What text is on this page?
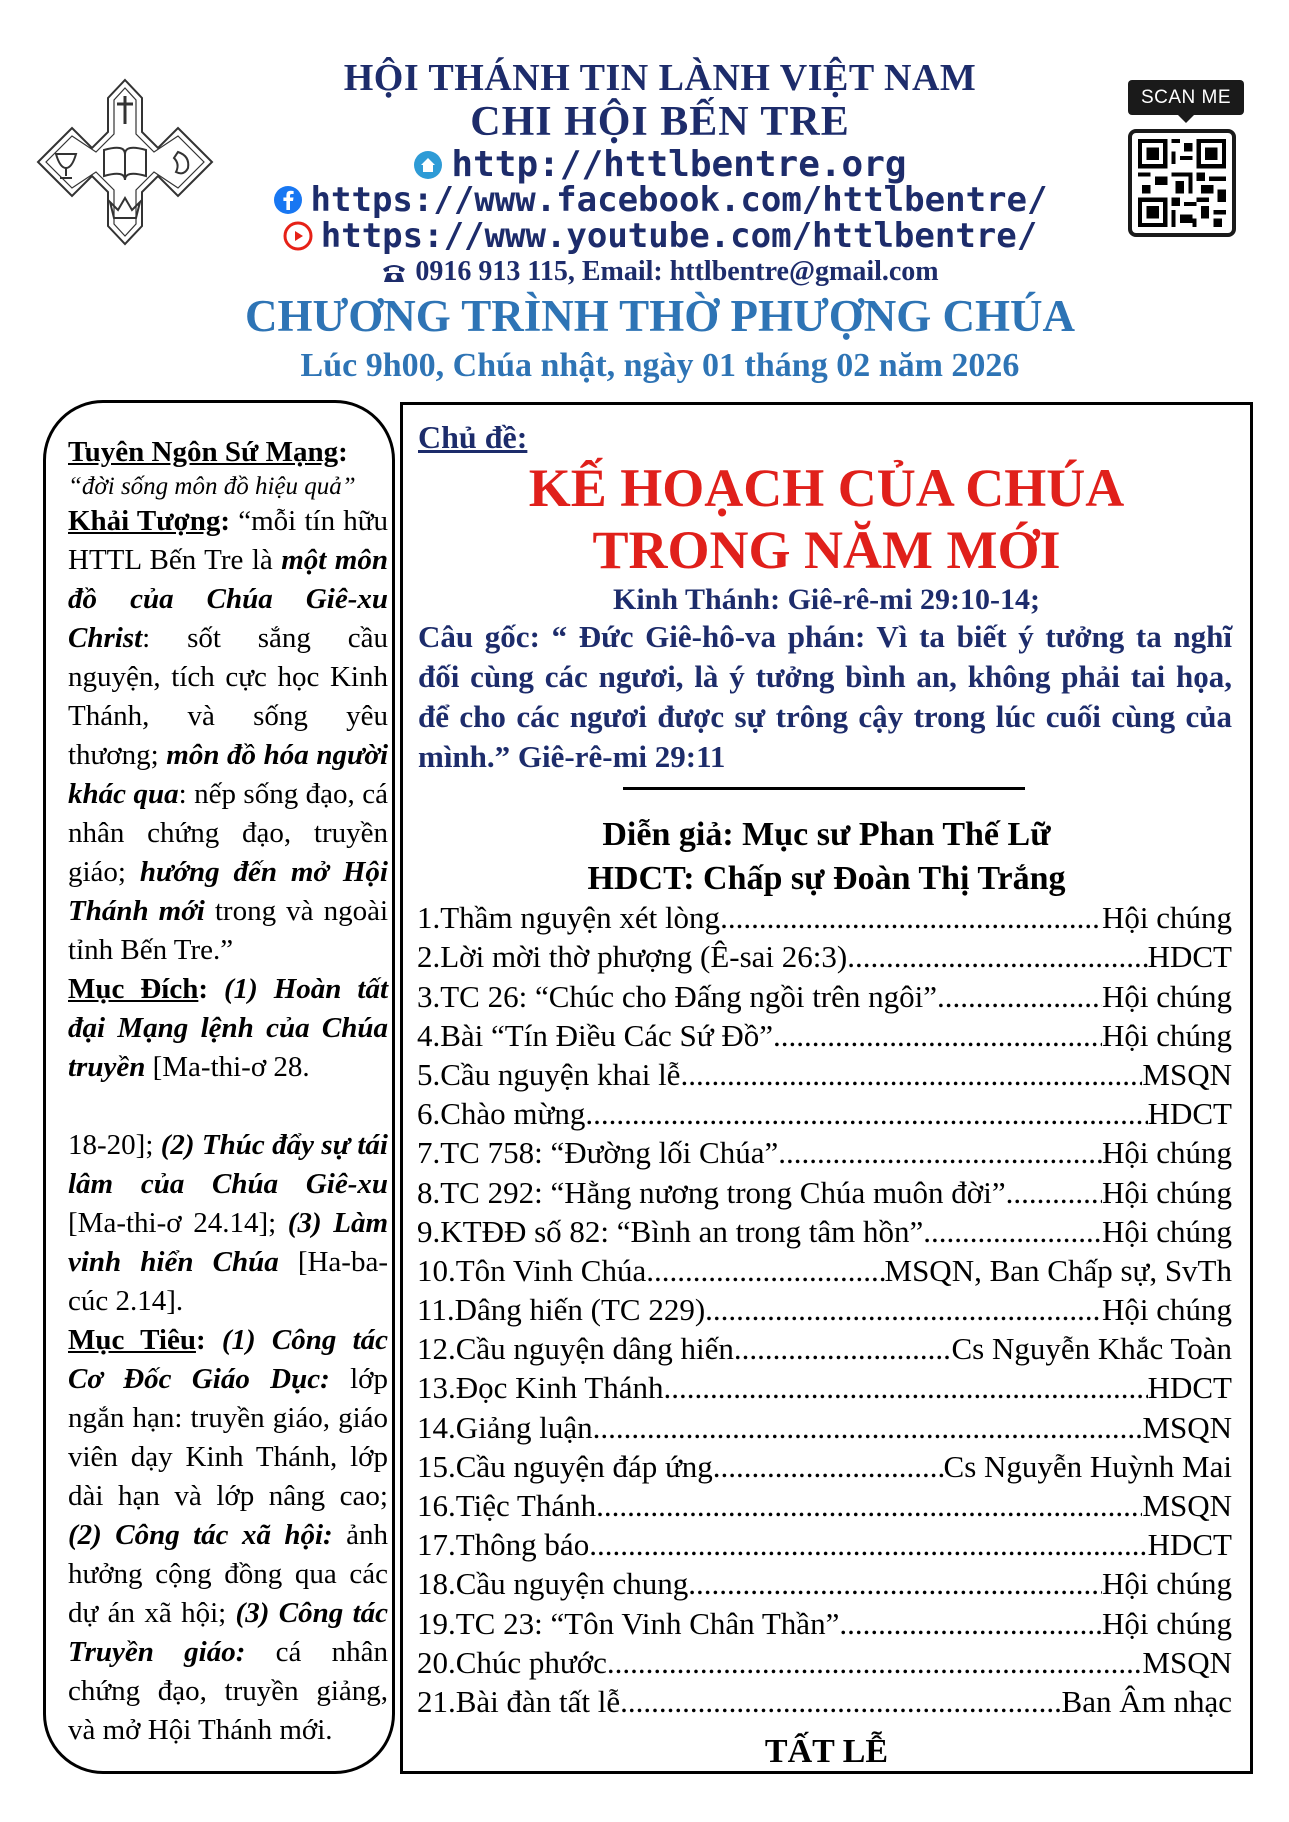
HỘI THÁNH TIN LÀNH VIỆT NAM
CHI HỘI BẾN TRE
http://httlbentre.org
https://www.facebook.com/httlbentre/
https://www.youtube.com/httlbentre/
0916 913 115, Email: httlbentre@gmail.com
CHƯƠNG TRÌNH THỜ PHƯỢNG CHÚA
Lúc 9h00, Chúa nhật, ngày 01 tháng 02 năm 2026
SCAN ME

Tuyên Ngôn Sứ Mạng:

“đời sống môn đồ hiệu quả”

Khải Tượng: “mỗi tín hữu HTTL Bến Tre là một môn đồ của Chúa Giê-xu Christ: sốt sắng cầu nguyện, tích cực học Kinh Thánh, và sống yêu thương; môn đồ hóa người khác qua: nếp sống đạo, cá nhân chứng đạo, truyền giáo; hướng đến mở Hội Thánh mới trong và ngoài tỉnh Bến Tre.”

Mục Đích: (1) Hoàn tất đại Mạng lệnh của Chúa truyền [Ma-thi-ơ 28.

18-20]; (2) Thúc đẩy sự tái lâm của Chúa Giê-xu [Ma-thi-ơ 24.14]; (3) Làm vinh hiển Chúa [Ha-ba-cúc 2.14].

Mục Tiêu: (1) Công tác Cơ Đốc Giáo Dục: lớp ngắn hạn: truyền giáo, giáo viên dạy Kinh Thánh, lớp dài hạn và lớp nâng cao; (2) Công tác xã hội: ảnh hưởng cộng đồng qua các dự án xã hội; (3) Công tác Truyền giáo: cá nhân chứng đạo, truyền giảng, và mở Hội Thánh mới.

Chủ đề:
KẾ HOẠCH CỦA CHÚA
TRONG NĂM MỚI
Kinh Thánh: Giê-rê-mi 29:10-14;
Câu gốc: “ Đức Giê-hô-va phán: Vì ta biết ý tưởng ta nghĩ đối cùng các ngươi, là ý tưởng bình an, không phải tai họa, để cho các ngươi được sự trông cậy trong lúc cuối cùng của mình.” Giê-rê-mi 29:11
Diễn giả: Mục sư Phan Thế Lữ
HDCT: Chấp sự Đoàn Thị Trắng
1. Thầm nguyện xét lòng .....	Hội chúng
2. Lời mời thờ phượng (Ê-sai 26:3) .....	HDCT
3. TC 26: “Chúc cho Đấng ngồi trên ngôi” .....	Hội chúng
4. Bài “Tín Điều Các Sứ Đồ” .....	Hội chúng
5. Cầu nguyện khai lễ .....	MSQN
6. Chào mừng .....	HDCT
7. TC 758: “Đường lối Chúa” .....	Hội chúng
8. TC 292: “Hằng nương trong Chúa muôn đời” .....	Hội chúng
9. KTĐĐ số 82: “Bình an trong tâm hồn” .....	Hội chúng
10. Tôn Vinh Chúa .....	MSQN, Ban Chấp sự, SvTh
11. Dâng hiến (TC 229). .....	Hội chúng
12. Cầu nguyện dâng hiến .....	Cs Nguyễn Khắc Toàn
13. Đọc Kinh Thánh .....	HDCT
14. Giảng luận .....	MSQN
15. Cầu nguyện đáp ứng .....	Cs Nguyễn Huỳnh Mai
16. Tiệc Thánh .....	MSQN
17. Thông báo .....	HDCT
18. Cầu nguyện chung .....	Hội chúng
19. TC 23: “Tôn Vinh Chân Thần” .....	Hội chúng
20. Chúc phước .....	MSQN
21. Bài đàn tất lễ .....	Ban Âm nhạc
TẤT LỄ
